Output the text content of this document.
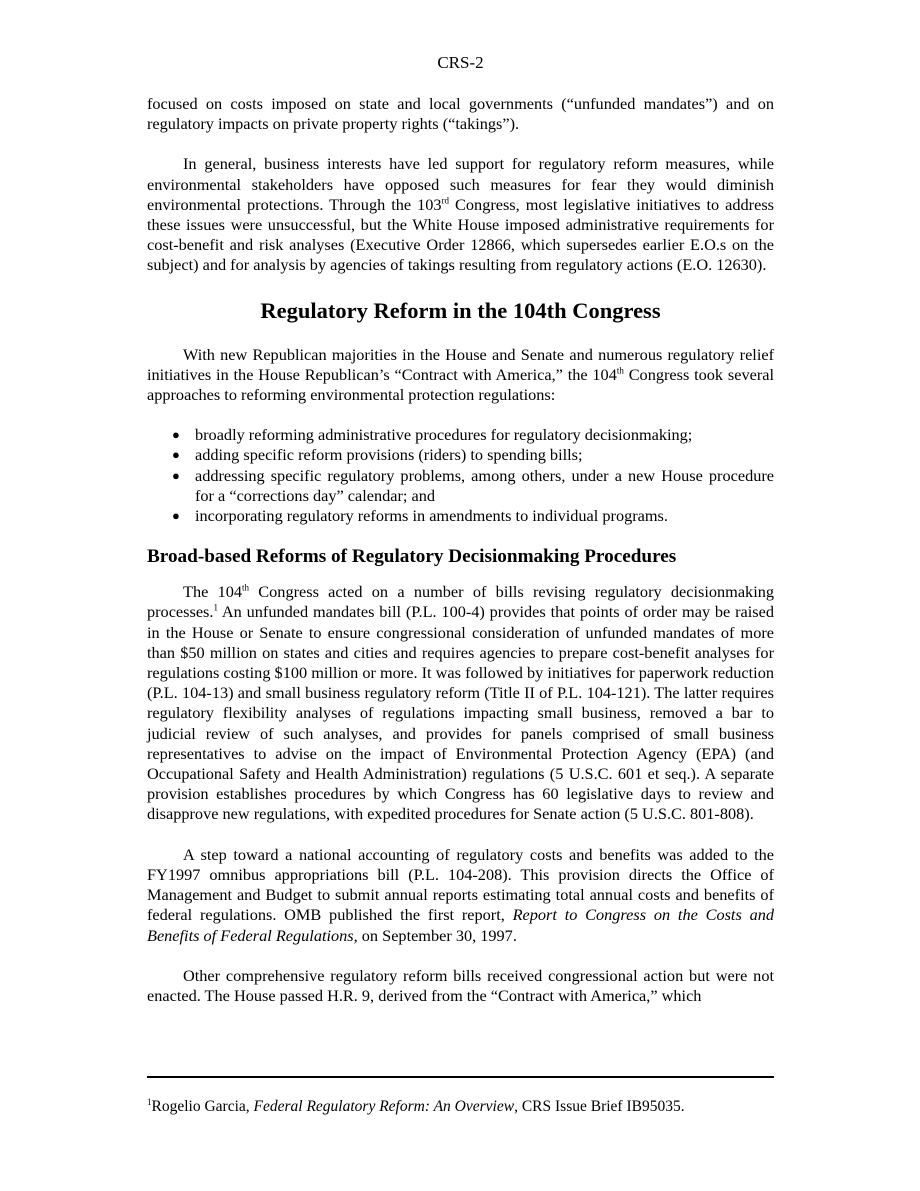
CRS-2

focused on costs imposed on state and local governments (“unfunded mandates”) and on regulatory impacts on private property rights (“takings”).

In general, business interests have led support for regulatory reform measures, while environmental stakeholders have opposed such measures for fear they would diminish environmental protections. Through the 103rd Congress, most legislative initiatives to address these issues were unsuccessful, but the White House imposed administrative requirements for cost-benefit and risk analyses (Executive Order 12866, which supersedes earlier E.O.s on the subject) and for analysis by agencies of takings resulting from regulatory actions (E.O. 12630).

Regulatory Reform in the 104th Congress

With new Republican majorities in the House and Senate and numerous regulatory relief initiatives in the House Republican’s “Contract with America,” the 104th Congress took several approaches to reforming environmental protection regulations:

● broadly reforming administrative procedures for regulatory decisionmaking;
● adding specific reform provisions (riders) to spending bills;
● addressing specific regulatory problems, among others, under a new House procedure for a “corrections day” calendar; and
● incorporating regulatory reforms in amendments to individual programs.
Broad-based Reforms of Regulatory Decisionmaking Procedures

The 104th Congress acted on a number of bills revising regulatory decisionmaking processes.$^1$ An unfunded mandates bill (P.L. 100-4) provides that points of order may be raised in the House or Senate to ensure congressional consideration of unfunded mandates of more than $50 million on states and cities and requires agencies to prepare cost-benefit analyses for regulations costing $100 million or more. It was followed by initiatives for paperwork reduction (P.L. 104-13) and small business regulatory reform (Title II of P.L. 104-121). The latter requires regulatory flexibility analyses of regulations impacting small business, removed a bar to judicial review of such analyses, and provides for panels comprised of small business representatives to advise on the impact of Environmental Protection Agency (EPA) (and Occupational Safety and Health Administration) regulations (5 U.S.C. 601 et seq.). A separate provision establishes procedures by which Congress has 60 legislative days to review and disapprove new regulations, with expedited procedures for Senate action (5 U.S.C. 801-808).

A step toward a national accounting of regulatory costs and benefits was added to the FY1997 omnibus appropriations bill (P.L. 104-208). This provision directs the Office of Management and Budget to submit annual reports estimating total annual costs and benefits of federal regulations. OMB published the first report, Report to Congress on the Costs and Benefits of Federal Regulations, on September 30, 1997.

Other comprehensive regulatory reform bills received congressional action but were not enacted. The House passed H.R. 9, derived from the “Contract with America,” which

$^1$Rogelio Garcia, Federal Regulatory Reform: An Overview, CRS Issue Brief IB95035.
